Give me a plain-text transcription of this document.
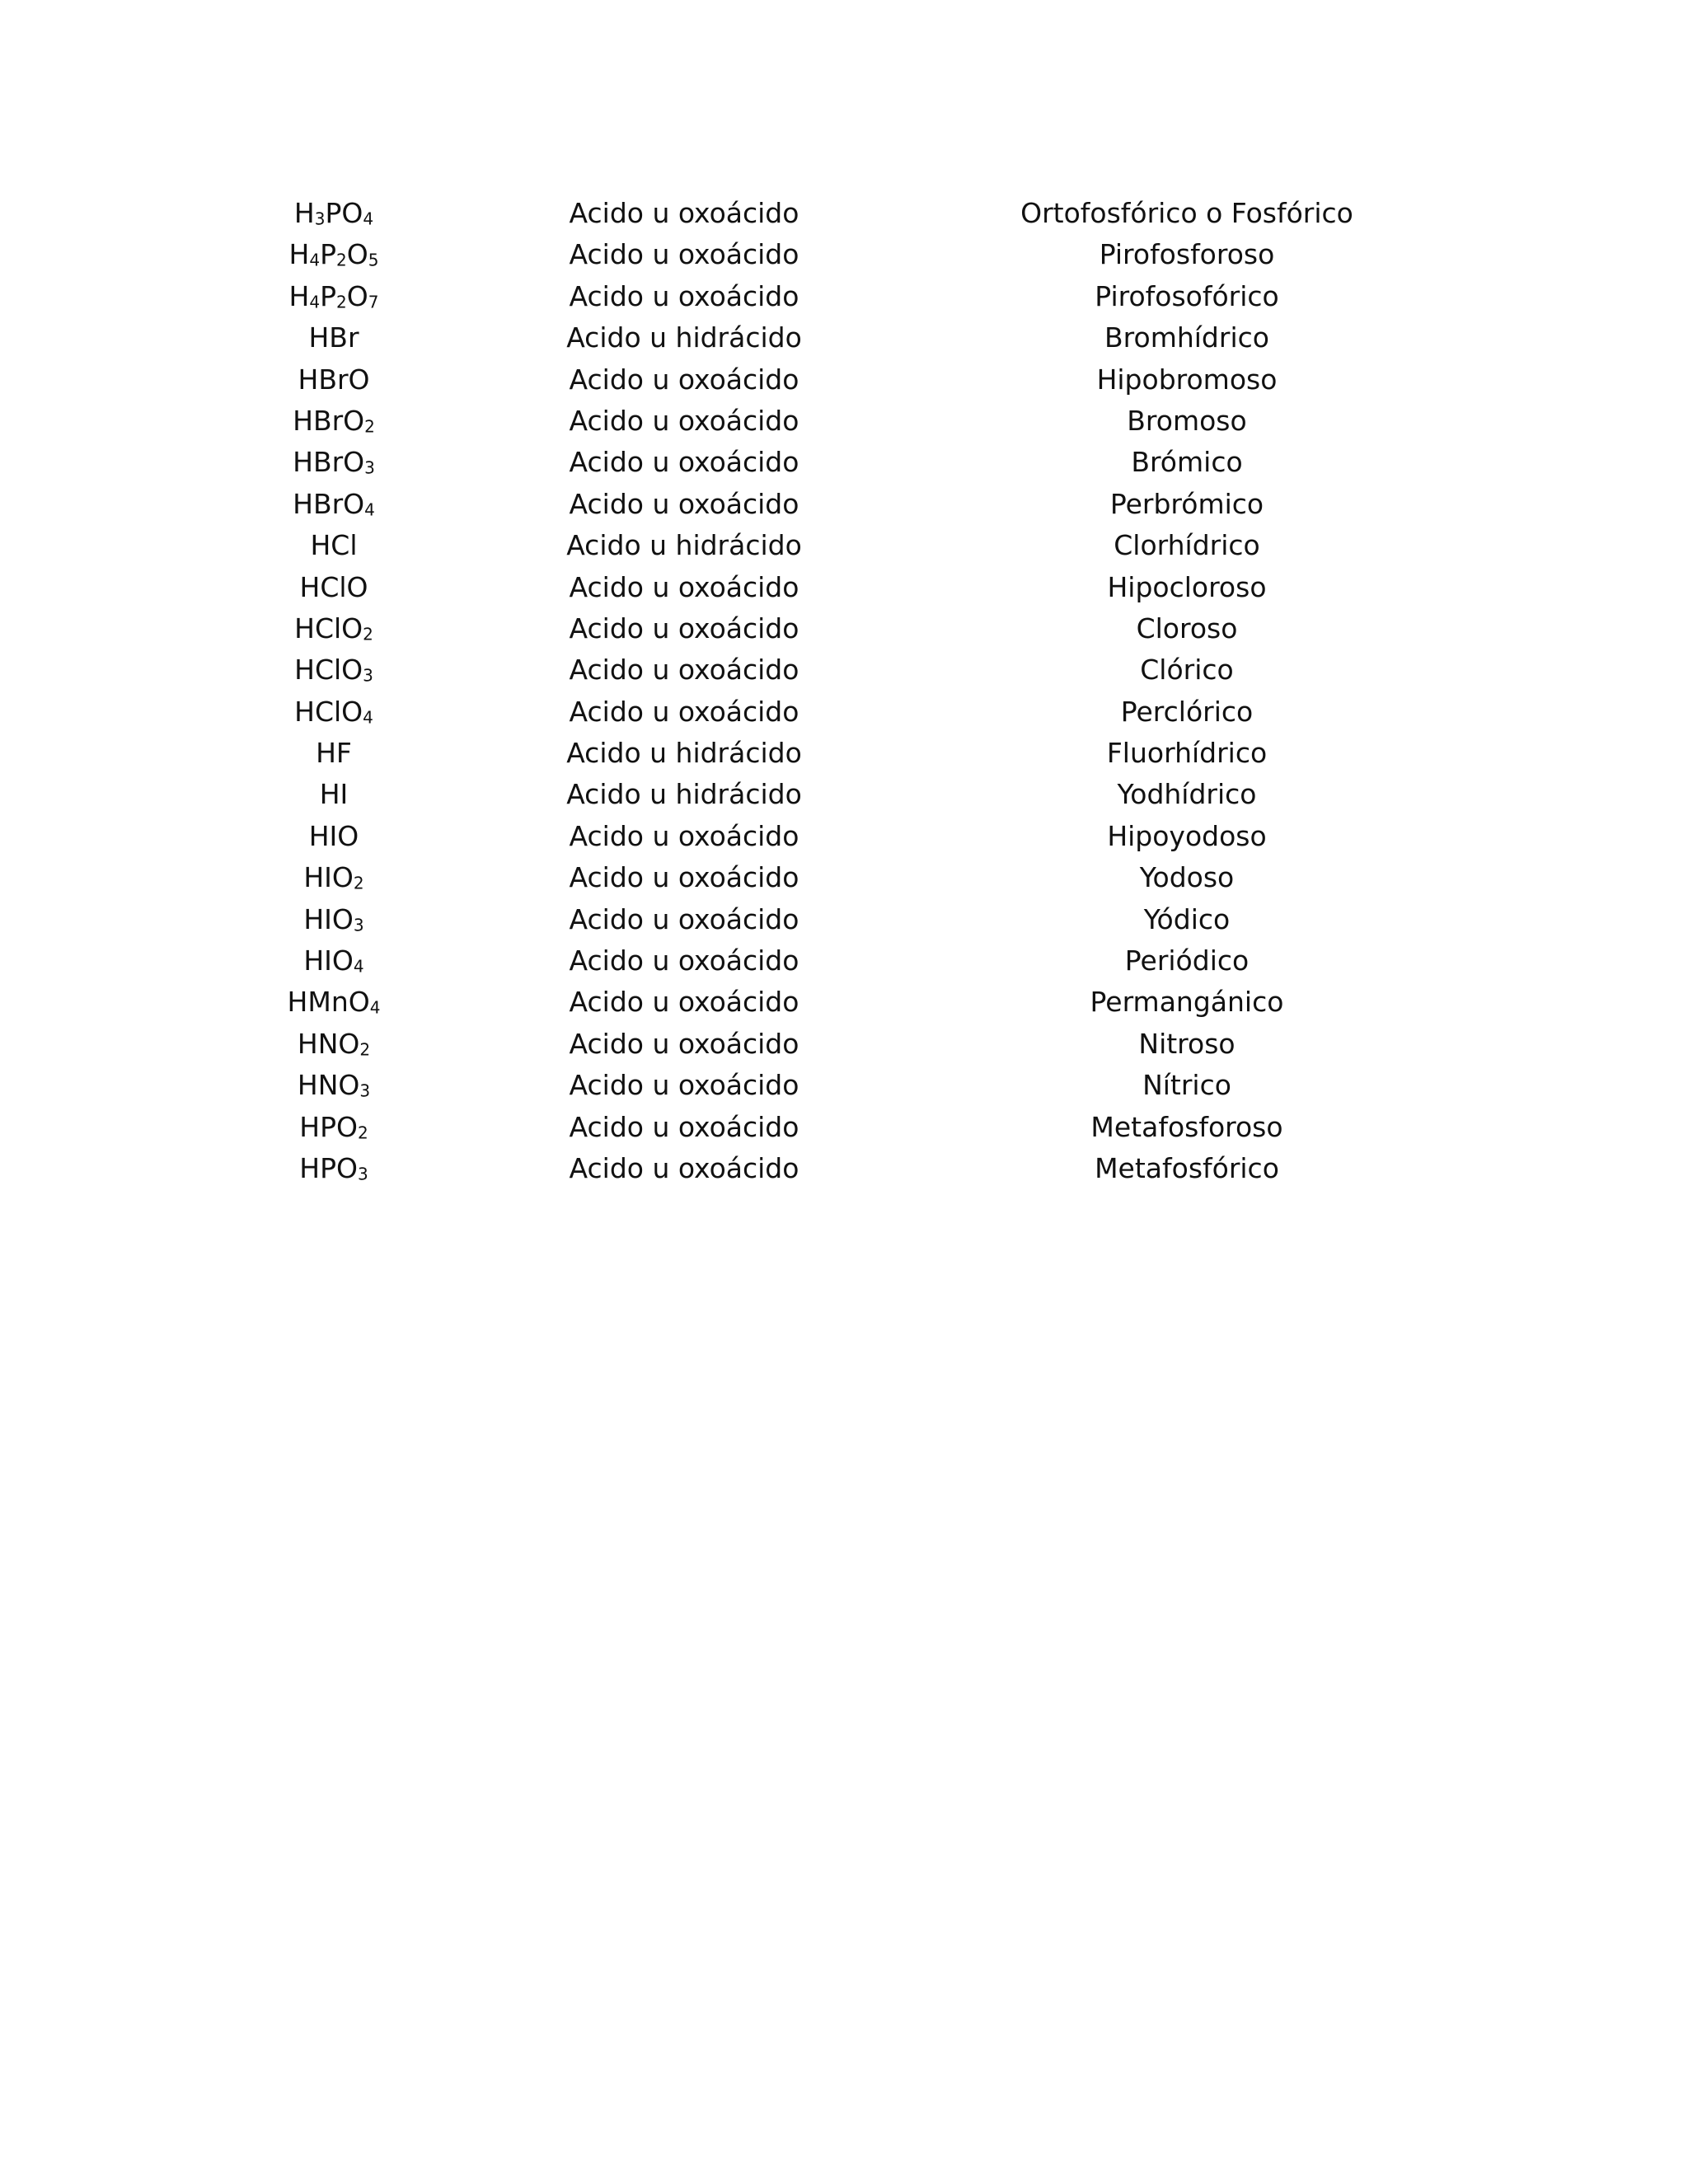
$H_3PO_4$	Acido u oxoácido	Ortofosfórico o Fosfórico
$H_4P_2O_5$	Acido u oxoácido	Pirofosforoso
$H_4P_2O_7$	Acido u oxoácido	Pirofosofórico
HBr	Acido u hidrácido	Bromhídrico
HBrO	Acido u oxoácido	Hipobromoso
HBrO$_2$	Acido u oxoácido	Bromoso
HBrO$_3$	Acido u oxoácido	Brómico
HBrO$_4$	Acido u oxoácido	Perbrómico
HCl	Acido u hidrácido	Clorhídrico
HClO	Acido u oxoácido	Hipocloroso
HClO$_2$	Acido u oxoácido	Cloroso
HClO$_3$	Acido u oxoácido	Clórico
HClO$_4$	Acido u oxoácido	Perclórico
HF	Acido u hidrácido	Fluorhídrico
HI	Acido u hidrácido	Yodhídrico
HIO	Acido u oxoácido	Hipoyodoso
$HIO_2$	Acido u oxoácido	Yodoso
$HIO_3$	Acido u oxoácido	Yódico
$HIO_4$	Acido u oxoácido	Periódico
HMnO$_4$	Acido u oxoácido	Permangánico
$HNO_2$	Acido u oxoácido	Nitroso
$HNO_3$	Acido u oxoácido	Nítrico
$HPO_2$	Acido u oxoácido	Metafosforoso
$HPO_3$	Acido u oxoácido	Metafosfórico
